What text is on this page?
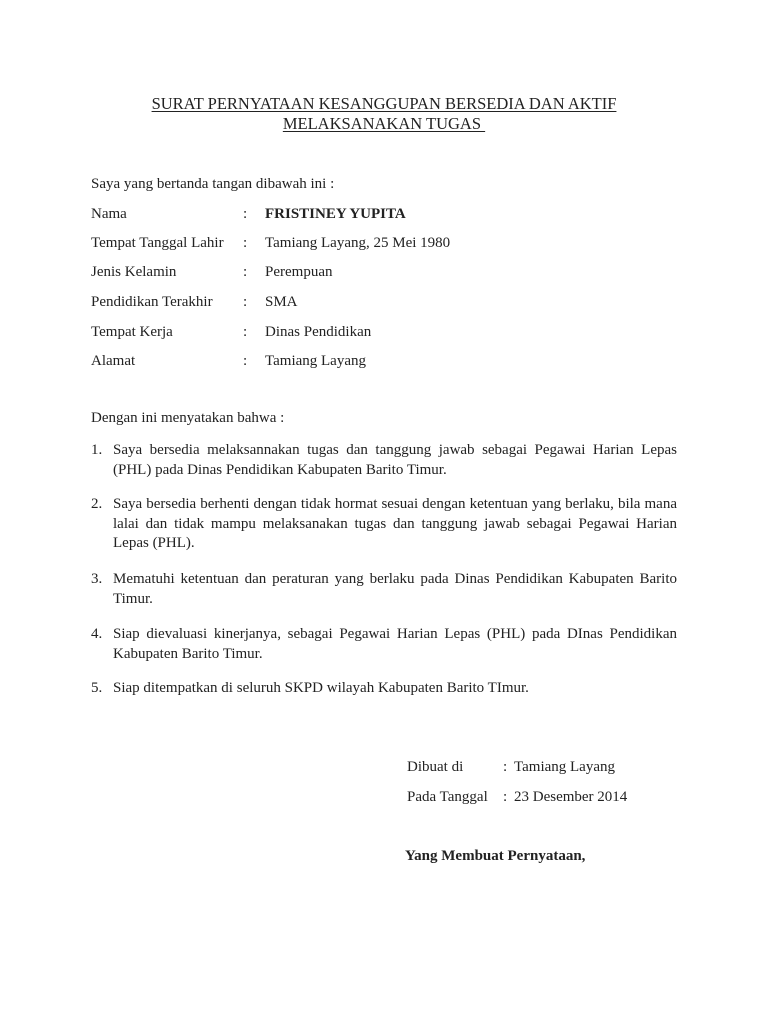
SURAT PERNYATAAN KESANGGUPAN BERSEDIA DAN AKTIF
MELAKSANAKAN TUGAS
Saya yang bertanda tangan dibawah ini :
Nama	: FRISTINEY YUPITA
Tempat Tanggal Lahir : Tamiang Layang, 25 Mei 1980
Jenis Kelamin	: Perempuan
Pendidikan Terakhir : SMA
Tempat Kerja	: Dinas Pendidikan
Alamat	: Tamiang Layang
Dengan ini menyatakan bahwa :
1. Saya bersedia melaksannakan tugas dan tanggung jawab sebagai Pegawai Harian Lepas
(PHL) pada Dinas Pendidikan Kabupaten Barito Timur.
2. Saya bersedia berhenti dengan tidak hormat sesuai dengan ketentuan yang berlaku, bila mana
lalai dan tidak mampu melaksanakan tugas dan tanggung jawab sebagai Pegawai Harian
Lepas (PHL).
3. Mematuhi ketentuan dan peraturan yang berlaku pada Dinas Pendidikan Kabupaten Barito
Timur.
4. Siap dievaluasi kinerjanya, sebagai Pegawai Harian Lepas (PHL) pada DInas Pendidikan
Kabupaten Barito Timur.
5. Siap ditempatkan di seluruh SKPD wilayah Kabupaten Barito TImur.
Dibuat di	: Tamiang Layang
Pada Tanggal : 23 Desember 2014
Yang Membuat Pernyataan,
